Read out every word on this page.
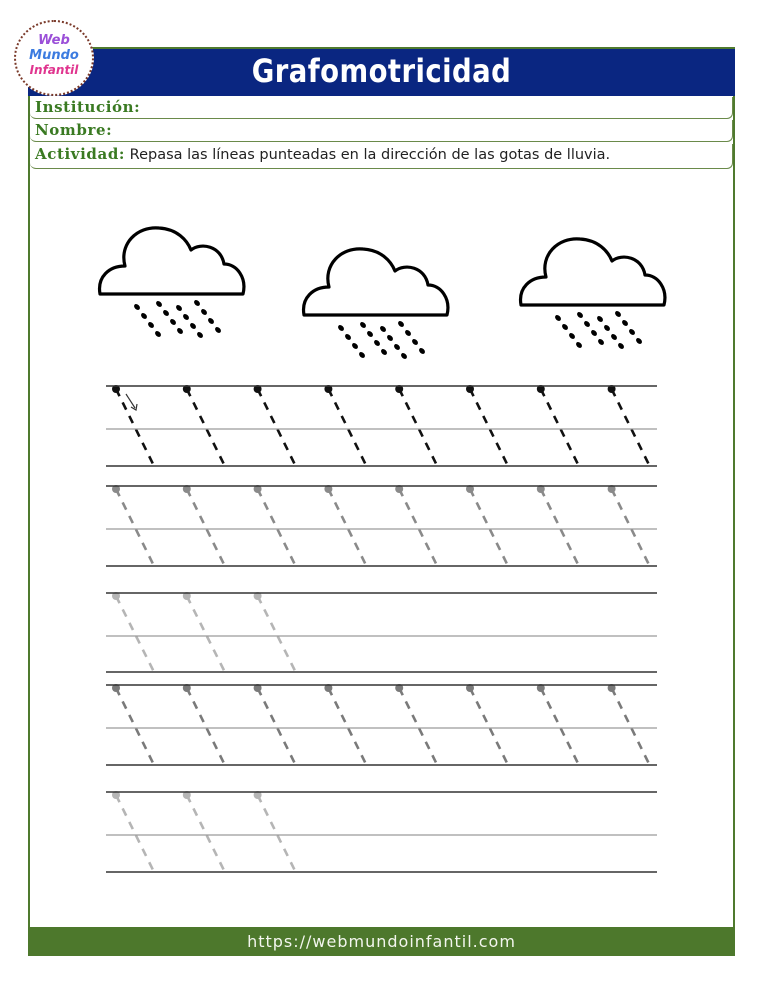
Grafomotricidad
Web
Mundo
Infantil
Institución:
Nombre:
Actividad: Repasa las líneas punteadas en la dirección de las gotas de lluvia.
https://webmundoinfantil.com
